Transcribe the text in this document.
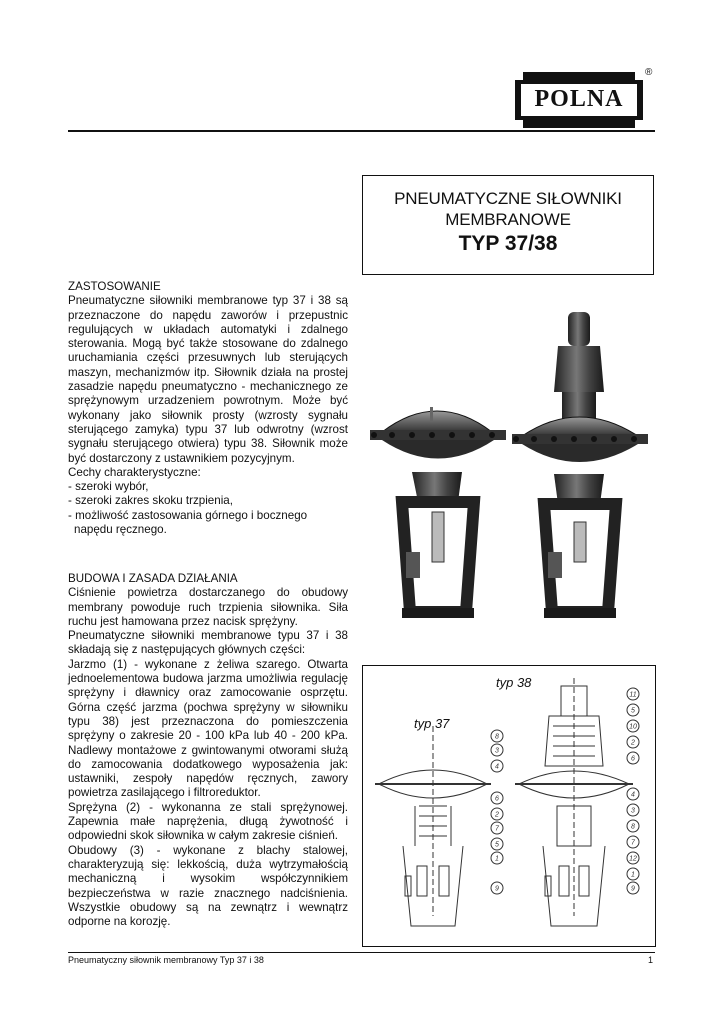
POLNA
®
PNEUMATYCZNE SIŁOWNIKI
MEMBRANOWE
TYP 37/38

ZASTOSOWANIE

Pneumatyczne siłowniki membranowe typ 37 i 38 są przeznaczone do napędu zaworów i przepustnic regulujących w układach automatyki i zdalnego sterowania. Mogą być także stosowane do zdalnego uruchamiania części przesuwnych lub sterujących maszyn, mechanizmów itp. Siłownik działa na prostej zasadzie napędu pneumatyczno - mechanicznego ze sprężynowym urzadzeniem powrotnym. Może być wykonany jako siłownik prosty (wzrosty sygnału sterującego zamyka) typu 37 lub odwrotny (wzrost sygnału sterującego otwiera) typu 38. Siłownik może być dostarczony z ustawnikiem pozycyjnym.

Cechy charakterystyczne:

- szeroki wybór,

- szeroki zakres skoku trzpienia,

- możliwość zastosowania górnego i bocznego

napędu ręcznego.

BUDOWA I ZASADA DZIAŁANIA

Ciśnienie powietrza dostarczanego do obudowy membrany powoduje ruch trzpienia siłownika. Siła ruchu jest hamowana przez nacisk sprężyny.

Pneumatyczne siłowniki membranowe typu 37 i 38 składają się z następujących głównych części:

Jarzmo (1) - wykonane z żeliwa szarego. Otwarta jednoelementowa budowa jarzma umożliwia regulację sprężyny i dławnicy oraz zamocowanie osprzętu. Górna część jarzma (pochwa sprężyny w siłowniku typu 38) jest przeznaczona do pomieszczenia sprężyny o zakresie 20 - 100 kPa lub 40 - 200 kPa. Nadlewy montażowe z gwintowanymi otworami służą do zamocowania dodatkowego wyposażenia jak: ustawniki, zespoły napędów ręcznych, zawory powietrza zasilającego i filtroreduktor.

Sprężyna (2) - wykonanna ze stali sprężynowej. Zapewnia małe naprężenia, długą żywotność i odpowiedni skok siłownika w całym zakresie ciśnień.

Obudowy (3) - wykonane z blachy stalowej, charakteryzują się: lekkością, duża wytrzymałością mechaniczną i wysokim współczynnikiem bezpieczeństwa w razie znacznego nadciśnienia. Wszystkie obudowy są na zewnątrz i wewnątrz odporne na korozję.

8
3
4
6
2
7
5
1
9
11
5
10
2
6
4
3
8
7
12
1
9
typ 38
typ 37
Pneumatyczny siłownik membranowy Typ 37 i 38	1
